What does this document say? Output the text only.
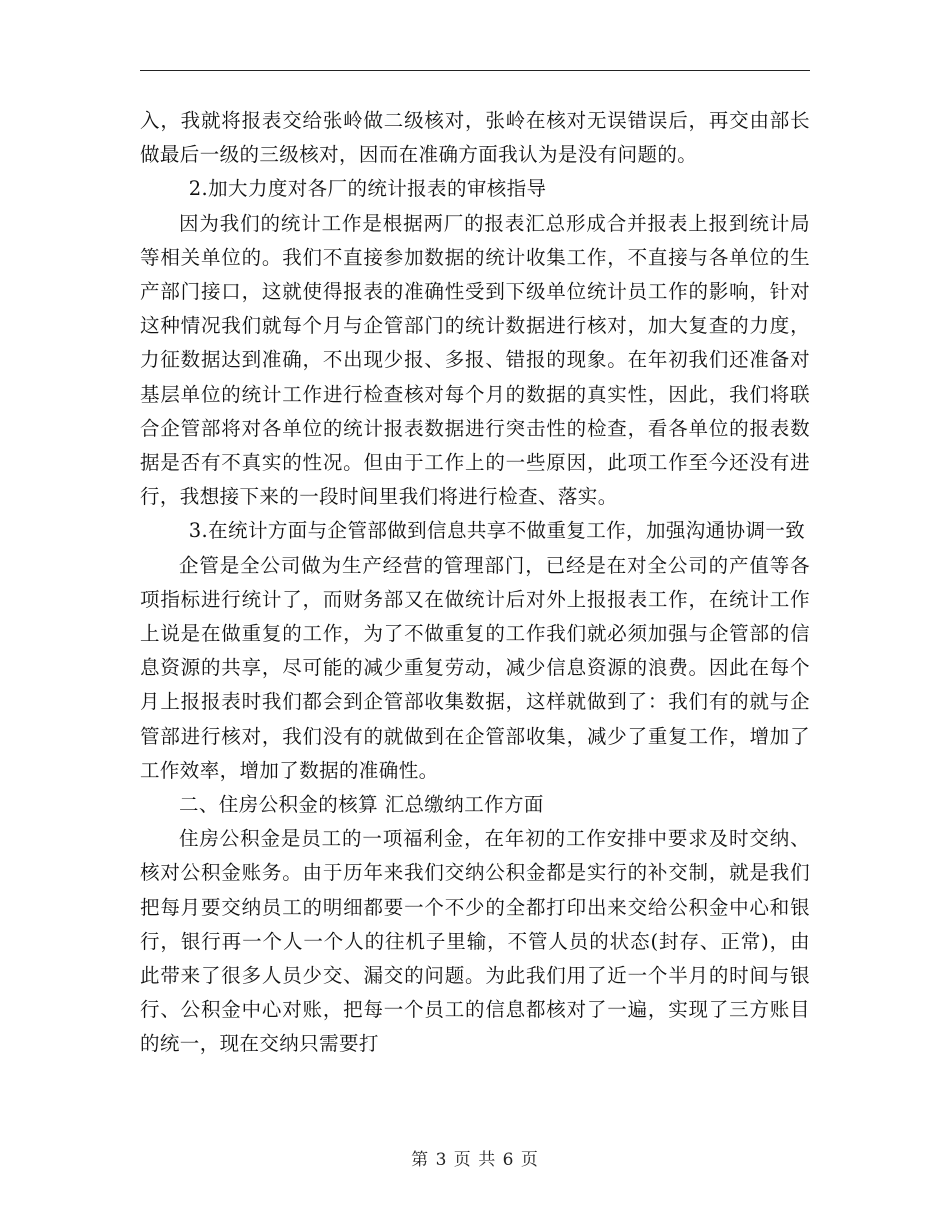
入，我就将报表交给张岭做二级核对，张岭在核对无误错误后，再交由部长做最后一级的三级核对，因而在准确方面我认为是没有问题的。

2.加大力度对各厂的统计报表的审核指导

因为我们的统计工作是根据两厂的报表汇总形成合并报表上报到统计局等相关单位的。我们不直接参加数据的统计收集工作，不直接与各单位的生产部门接口，这就使得报表的准确性受到下级单位统计员工作的影响，针对这种情况我们就每个月与企管部门的统计数据进行核对，加大复查的力度，力征数据达到准确，不出现少报、多报、错报的现象。在年初我们还准备对基层单位的统计工作进行检查核对每个月的数据的真实性，因此，我们将联合企管部将对各单位的统计报表数据进行突击性的检查，看各单位的报表数据是否有不真实的性况。但由于工作上的一些原因，此项工作至今还没有进行，我想接下来的一段时间里我们将进行检查、落实。

3.在统计方面与企管部做到信息共享不做重复工作，加强沟通协调一致

企管是全公司做为生产经营的管理部门，已经是在对全公司的产值等各项指标进行统计了，而财务部又在做统计后对外上报报表工作，在统计工作上说是在做重复的工作，为了不做重复的工作我们就必须加强与企管部的信息资源的共享，尽可能的减少重复劳动，减少信息资源的浪费。因此在每个月上报报表时我们都会到企管部收集数据，这样就做到了：我们有的就与企管部进行核对，我们没有的就做到在企管部收集，减少了重复工作，增加了工作效率，增加了数据的准确性。

二、住房公积金的核算 汇总缴纳工作方面

住房公积金是员工的一项福利金，在年初的工作安排中要求及时交纳、核对公积金账务。由于历年来我们交纳公积金都是实行的补交制，就是我们把每月要交纳员工的明细都要一个不少的全都打印出来交给公积金中心和银行，银行再一个人一个人的往机子里输，不管人员的状态(封存、正常)，由此带来了很多人员少交、漏交的问题。为此我们用了近一个半月的时间与银行、公积金中心对账，把每一个员工的信息都核对了一遍，实现了三方账目的统一，现在交纳只需要打

第 3 页 共 6 页
